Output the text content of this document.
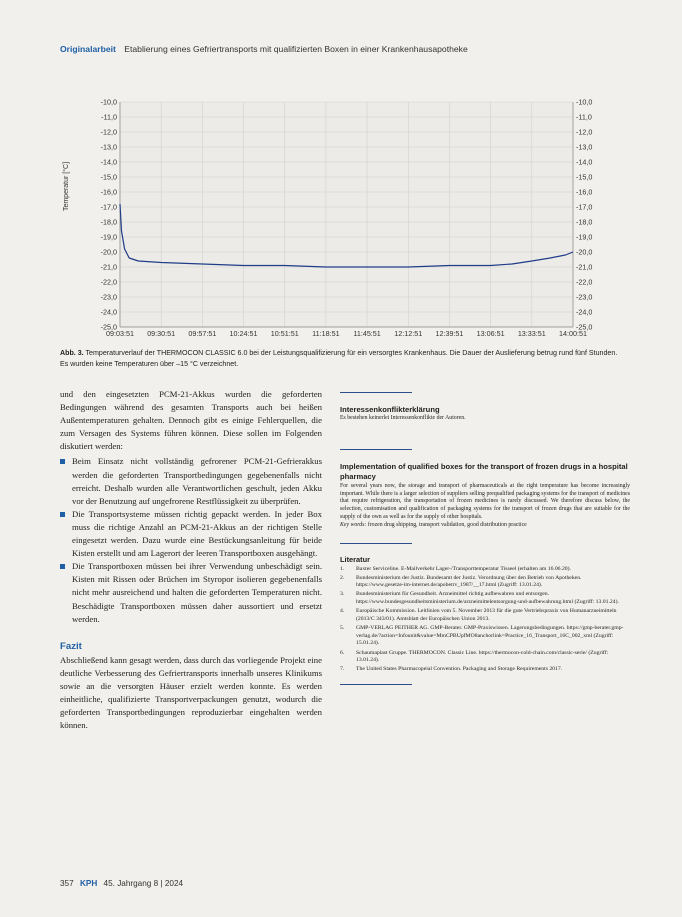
Originalarbeit Etablierung eines Gefriertransports mit qualifizierten Boxen in einer Krankenhausapotheke
-10,0
-11,0
-12,0
-13,0
-14,0
-15,0
-16,0
-17,0
-18,0
-19,0
-20,0
-21,0
-22,0
-23,0
-24,0
-25,0
-10,0
-11,0
-12,0
-13,0
-14,0
-15,0
-16,0
-17,0
-18,0
-19,0
-20,0
-21,0
-22,0
-23,0
-24,0
-25,0
09:03:51 09:30:51 09:57:51 10:24:51 10:51:51 11:18:51 11:45:51 12:12:51 12:39:51 13:06:51 13:33:51 14:00:51
Temperatur [°C]
Abb. 3. Temperaturverlauf der THERMOCON CLASSIC 6.0 bei der Leistungsqualifizierung für ein versorgtes Krankenhaus. Die Dauer der Auslieferung betrug rund fünf Stunden. Es wurden keine Temperaturen über –15 °C verzeichnet.

und den eingesetzten PCM-21-Akkus wurden die geforderten Bedingungen während des gesamten Transports auch bei heißen Außentemperaturen gehalten. Dennoch gibt es einige Fehlerquellen, die zum Versagen des Systems führen können. Diese sollen im Folgenden diskutiert werden:

Beim Einsatz nicht vollständig gefrorener PCM-21-Gefrierakkus werden die geforderten Transportbedingungen gegebenenfalls nicht erreicht. Deshalb wurden alle Verantwortlichen geschult, jeden Akku vor der Benutzung auf ungefrorene Restflüssigkeit zu überprüfen.
Die Transportsysteme müssen richtig gepackt werden. In jeder Box muss die richtige Anzahl an PCM-21-Akkus an der richtigen Stelle eingesetzt werden. Dazu wurde eine Bestückungsanleitung für beide Kisten erstellt und am Lagerort der leeren Transportboxen ausgehängt.
Die Transportboxen müssen bei ihrer Verwendung unbeschädigt sein. Kisten mit Rissen oder Brüchen im Styropor isolieren gegebenenfalls nicht mehr ausreichend und halten die geforderten Temperaturen nicht. Beschädigte Transportboxen müssen daher aussortiert und ersetzt werden.
Fazit

Abschließend kann gesagt werden, dass durch das vorliegende Projekt eine deutliche Verbesserung des Gefriertransports innerhalb unseres Klinikums sowie an die versorgten Häuser erzielt werden konnte. Es werden einheitliche, qualifizierte Transportverpackungen genutzt, wodurch die geforderten Transportbedingungen reproduzierbar eingehalten werden können.

Interessenkonflikterklärung
Es bestehen keinerlei Interessenkonflikte der Autoren.
Implementation of qualified boxes for the transport of frozen drugs in a hospital pharmacy
For several years now, the storage and transport of pharmaceuticals at the right temperature has become increasingly important. While there is a larger selection of suppliers selling prequalified packaging systems for the transport of medicines that require refrigeration, the transportation of frozen medicines is rarely discussed. We therefore discuss below, the selection, customisation and qualification of packaging systems for the transport of frozen drugs that are suitable for the supply of the own as well as for the supply of other hospitals.
Key words: frozen drug shipping, transport validation, good distribution practice
Literatur
1. Baxter Serviceline. E-Mailverkehr Lager-/Transporttemperatur Tisseel (erhalten am 16.06.20).
2. Bundesministerium der Justiz. Bundesamt der Justiz. Verordnung über den Betrieb von Apotheken. https://www.gesetze-im-internet.de/apobetrv_1987/__17.html (Zugriff: 13.01.24).
3. Bundesministerium für Gesundheit. Arzneimittel richtig aufbewahren und entsorgen. https://www.bundesgesundheitsministerium.de/arzneimittelentsorgung-und-aufbewahrung.html (Zugriff: 13.01.24).
4. Europäische Kommission. Leitlinien vom 5. November 2013 für die gute Vertriebspraxis von Humanarzneimitteln (2013/C 343/01). Amtsblatt der Europäischen Union 2013.
5. GMP-VERLAG PEITHER AG. GMP-Berater. GMP-Praxiswissen. Lagerungsbedingungen. https://gmp-berater.gmp-verlag.de/?action=Infounit&value=MmCPBUpfMO8anchorlink=Practice_16_Transport_16C_002_xml (Zugriff: 15.01.24).
6. Schaumaplast Gruppe. THERMOCON. Classic Line. https://thermocon-cold-chain.com/classic-serie/ (Zugriff: 13.01.24).
7. The United States Pharmacopeial Convention. Packaging and Storage Requirements 2017.
357 KPH 45. Jahrgang 8 | 2024
